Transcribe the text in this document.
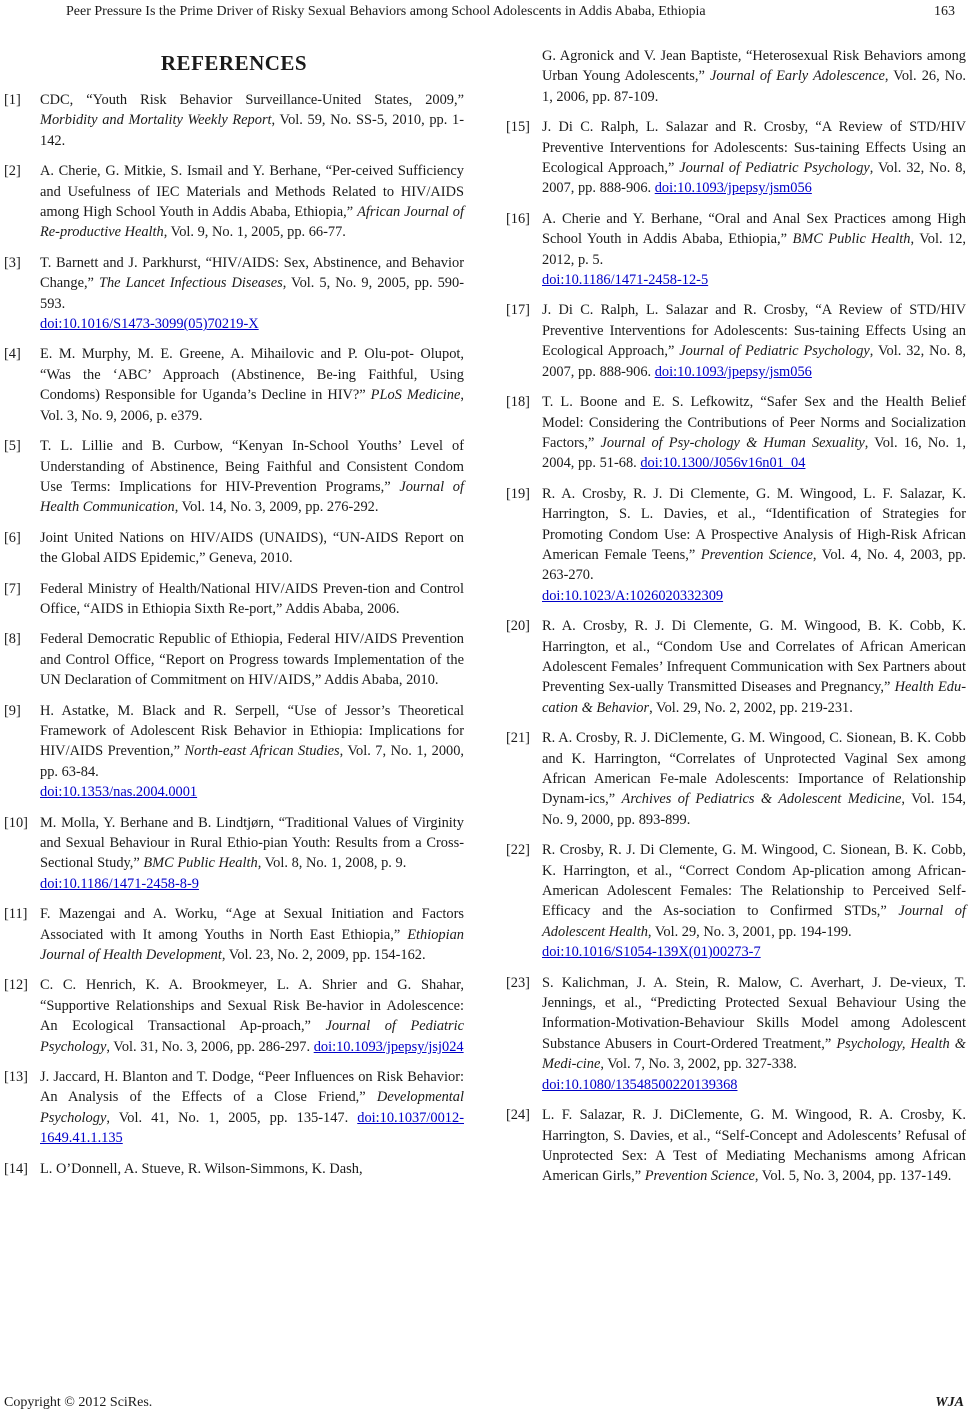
Peer Pressure Is the Prime Driver of Risky Sexual Behaviors among School Adolescents in Addis Ababa, Ethiopia	163
REFERENCES
[1]	CDC, “Youth Risk Behavior Surveillance-United States, 2009,” Morbidity and Mortality Weekly Report, Vol. 59, No. SS-5, 2010, pp. 1-142.
[2]	A. Cherie, G. Mitkie, S. Ismail and Y. Berhane, “Per-ceived Sufficiency and Usefulness of IEC Materials and Methods Related to HIV/AIDS among High School Youth in Addis Ababa, Ethiopia,” African Journal of Re-productive Health, Vol. 9, No. 1, 2005, pp. 66-77.
[3]	T. Barnett and J. Parkhurst, “HIV/AIDS: Sex, Abstinence, and Behavior Change,” The Lancet Infectious Diseases, Vol. 5, No. 9, 2005, pp. 590-593.
doi:10.1016/S1473-3099(05)70219-X
[4]	E. M. Murphy, M. E. Greene, A. Mihailovic and P. Olu-pot- Olupot, “Was the ‘ABC’ Approach (Abstinence, Be-ing Faithful, Using Condoms) Responsible for Uganda’s Decline in HIV?” PLoS Medicine, Vol. 3, No. 9, 2006, p. e379.
[5]	T. L. Lillie and B. Curbow, “Kenyan In-School Youths’ Level of Understanding of Abstinence, Being Faithful and Consistent Condom Use Terms: Implications for HIV-Prevention Programs,” Journal of Health Communication, Vol. 14, No. 3, 2009, pp. 276-292.
[6]	Joint United Nations on HIV/AIDS (UNAIDS), “UN-AIDS Report on the Global AIDS Epidemic,” Geneva, 2010.
[7]	Federal Ministry of Health/National HIV/AIDS Preven-tion and Control Office, “AIDS in Ethiopia Sixth Re-port,” Addis Ababa, 2006.
[8]	Federal Democratic Republic of Ethiopia, Federal HIV/AIDS Prevention and Control Office, “Report on Progress towards Implementation of the UN Declaration of Commitment on HIV/AIDS,” Addis Ababa, 2010.
[9]	H. Astatke, M. Black and R. Serpell, “Use of Jessor’s Theoretical Framework of Adolescent Risk Behavior in Ethiopia: Implications for HIV/AIDS Prevention,” North-east African Studies, Vol. 7, No. 1, 2000, pp. 63-84.
doi:10.1353/nas.2004.0001
[10] M. Molla, Y. Berhane and B. Lindtjørn, “Traditional Values of Virginity and Sexual Behaviour in Rural Ethio-pian Youth: Results from a Cross-Sectional Study,” BMC Public Health, Vol. 8, No. 1, 2008, p. 9.
doi:10.1186/1471-2458-8-9
[11] F. Mazengai and A. Worku, “Age at Sexual Initiation and Factors Associated with It among Youths in North East Ethiopia,” Ethiopian Journal of Health Development, Vol. 23, No. 2, 2009, pp. 154-162.
[12] C. C. Henrich, K. A. Brookmeyer, L. A. Shrier and G. Shahar, “Supportive Relationships and Sexual Risk Be-havior in Adolescence: An Ecological Transactional Ap-proach,” Journal of Pediatric Psychology, Vol. 31, No. 3, 2006, pp. 286-297. doi:10.1093/jpepsy/jsj024
[13] J. Jaccard, H. Blanton and T. Dodge, “Peer Influences on Risk Behavior: An Analysis of the Effects of a Close Friend,” Developmental Psychology, Vol. 41, No. 1, 2005, pp. 135-147. doi:10.1037/0012-1649.41.1.135
[14] L. O’Donnell, A. Stueve, R. Wilson-Simmons, K. Dash,
G. Agronick and V. Jean Baptiste, “Heterosexual Risk Behaviors among Urban Young Adolescents,” Journal of Early Adolescence, Vol. 26, No. 1, 2006, pp. 87-109.
[15] J. Di C. Ralph, L. Salazar and R. Crosby, “A Review of STD/HIV Preventive Interventions for Adolescents: Sus-taining Effects Using an Ecological Approach,” Journal of Pediatric Psychology, Vol. 32, No. 8, 2007, pp. 888-906. doi:10.1093/jpepsy/jsm056
[16] A. Cherie and Y. Berhane, “Oral and Anal Sex Practices among High School Youth in Addis Ababa, Ethiopia,” BMC Public Health, Vol. 12, 2012, p. 5.
doi:10.1186/1471-2458-12-5
[17] J. Di C. Ralph, L. Salazar and R. Crosby, “A Review of STD/HIV Preventive Interventions for Adolescents: Sus-taining Effects Using an Ecological Approach,” Journal of Pediatric Psychology, Vol. 32, No. 8, 2007, pp. 888-906. doi:10.1093/jpepsy/jsm056
[18] T. L. Boone and E. S. Lefkowitz, “Safer Sex and the Health Belief Model: Considering the Contributions of Peer Norms and Socialization Factors,” Journal of Psy-chology & Human Sexuality, Vol. 16, No. 1, 2004, pp. 51-68. doi:10.1300/J056v16n01_04
[19] R. A. Crosby, R. J. Di Clemente, G. M. Wingood, L. F. Salazar, K. Harrington, S. L. Davies, et al., “Identification of Strategies for Promoting Condom Use: A Prospective Analysis of High-Risk African American Female Teens,” Prevention Science, Vol. 4, No. 4, 2003, pp. 263-270.
doi:10.1023/A:1026020332309
[20] R. A. Crosby, R. J. Di Clemente, G. M. Wingood, B. K. Cobb, K. Harrington, et al., “Condom Use and Correlates of African American Adolescent Females’ Infrequent Communication with Sex Partners about Preventing Sex-ually Transmitted Diseases and Pregnancy,” Health Edu-cation & Behavior, Vol. 29, No. 2, 2002, pp. 219-231.
[21] R. A. Crosby, R. J. DiClemente, G. M. Wingood, C. Sionean, B. K. Cobb and K. Harrington, “Correlates of Unprotected Vaginal Sex among African American Fe-male Adolescents: Importance of Relationship Dynam-ics,” Archives of Pediatrics & Adolescent Medicine, Vol. 154, No. 9, 2000, pp. 893-899.
[22] R. Crosby, R. J. Di Clemente, G. M. Wingood, C. Sionean, B. K. Cobb, K. Harrington, et al., “Correct Condom Ap-plication among African-American Adolescent Females: The Relationship to Perceived Self-Efficacy and the As-sociation to Confirmed STDs,” Journal of Adolescent Health, Vol. 29, No. 3, 2001, pp. 194-199.
doi:10.1016/S1054-139X(01)00273-7
[23] S. Kalichman, J. A. Stein, R. Malow, C. Averhart, J. De-vieux, T. Jennings, et al., “Predicting Protected Sexual Behaviour Using the Information-Motivation-Behaviour Skills Model among Adolescent Substance Abusers in Court-Ordered Treatment,” Psychology, Health & Medi-cine, Vol. 7, No. 3, 2002, pp. 327-338.
doi:10.1080/13548500220139368
[24] L. F. Salazar, R. J. DiClemente, G. M. Wingood, R. A. Crosby, K. Harrington, S. Davies, et al., “Self-Concept and Adolescents’ Refusal of Unprotected Sex: A Test of Mediating Mechanisms among African American Girls,” Prevention Science, Vol. 5, No. 3, 2004, pp. 137-149.
Copyright © 2012 SciRes.	WJA
